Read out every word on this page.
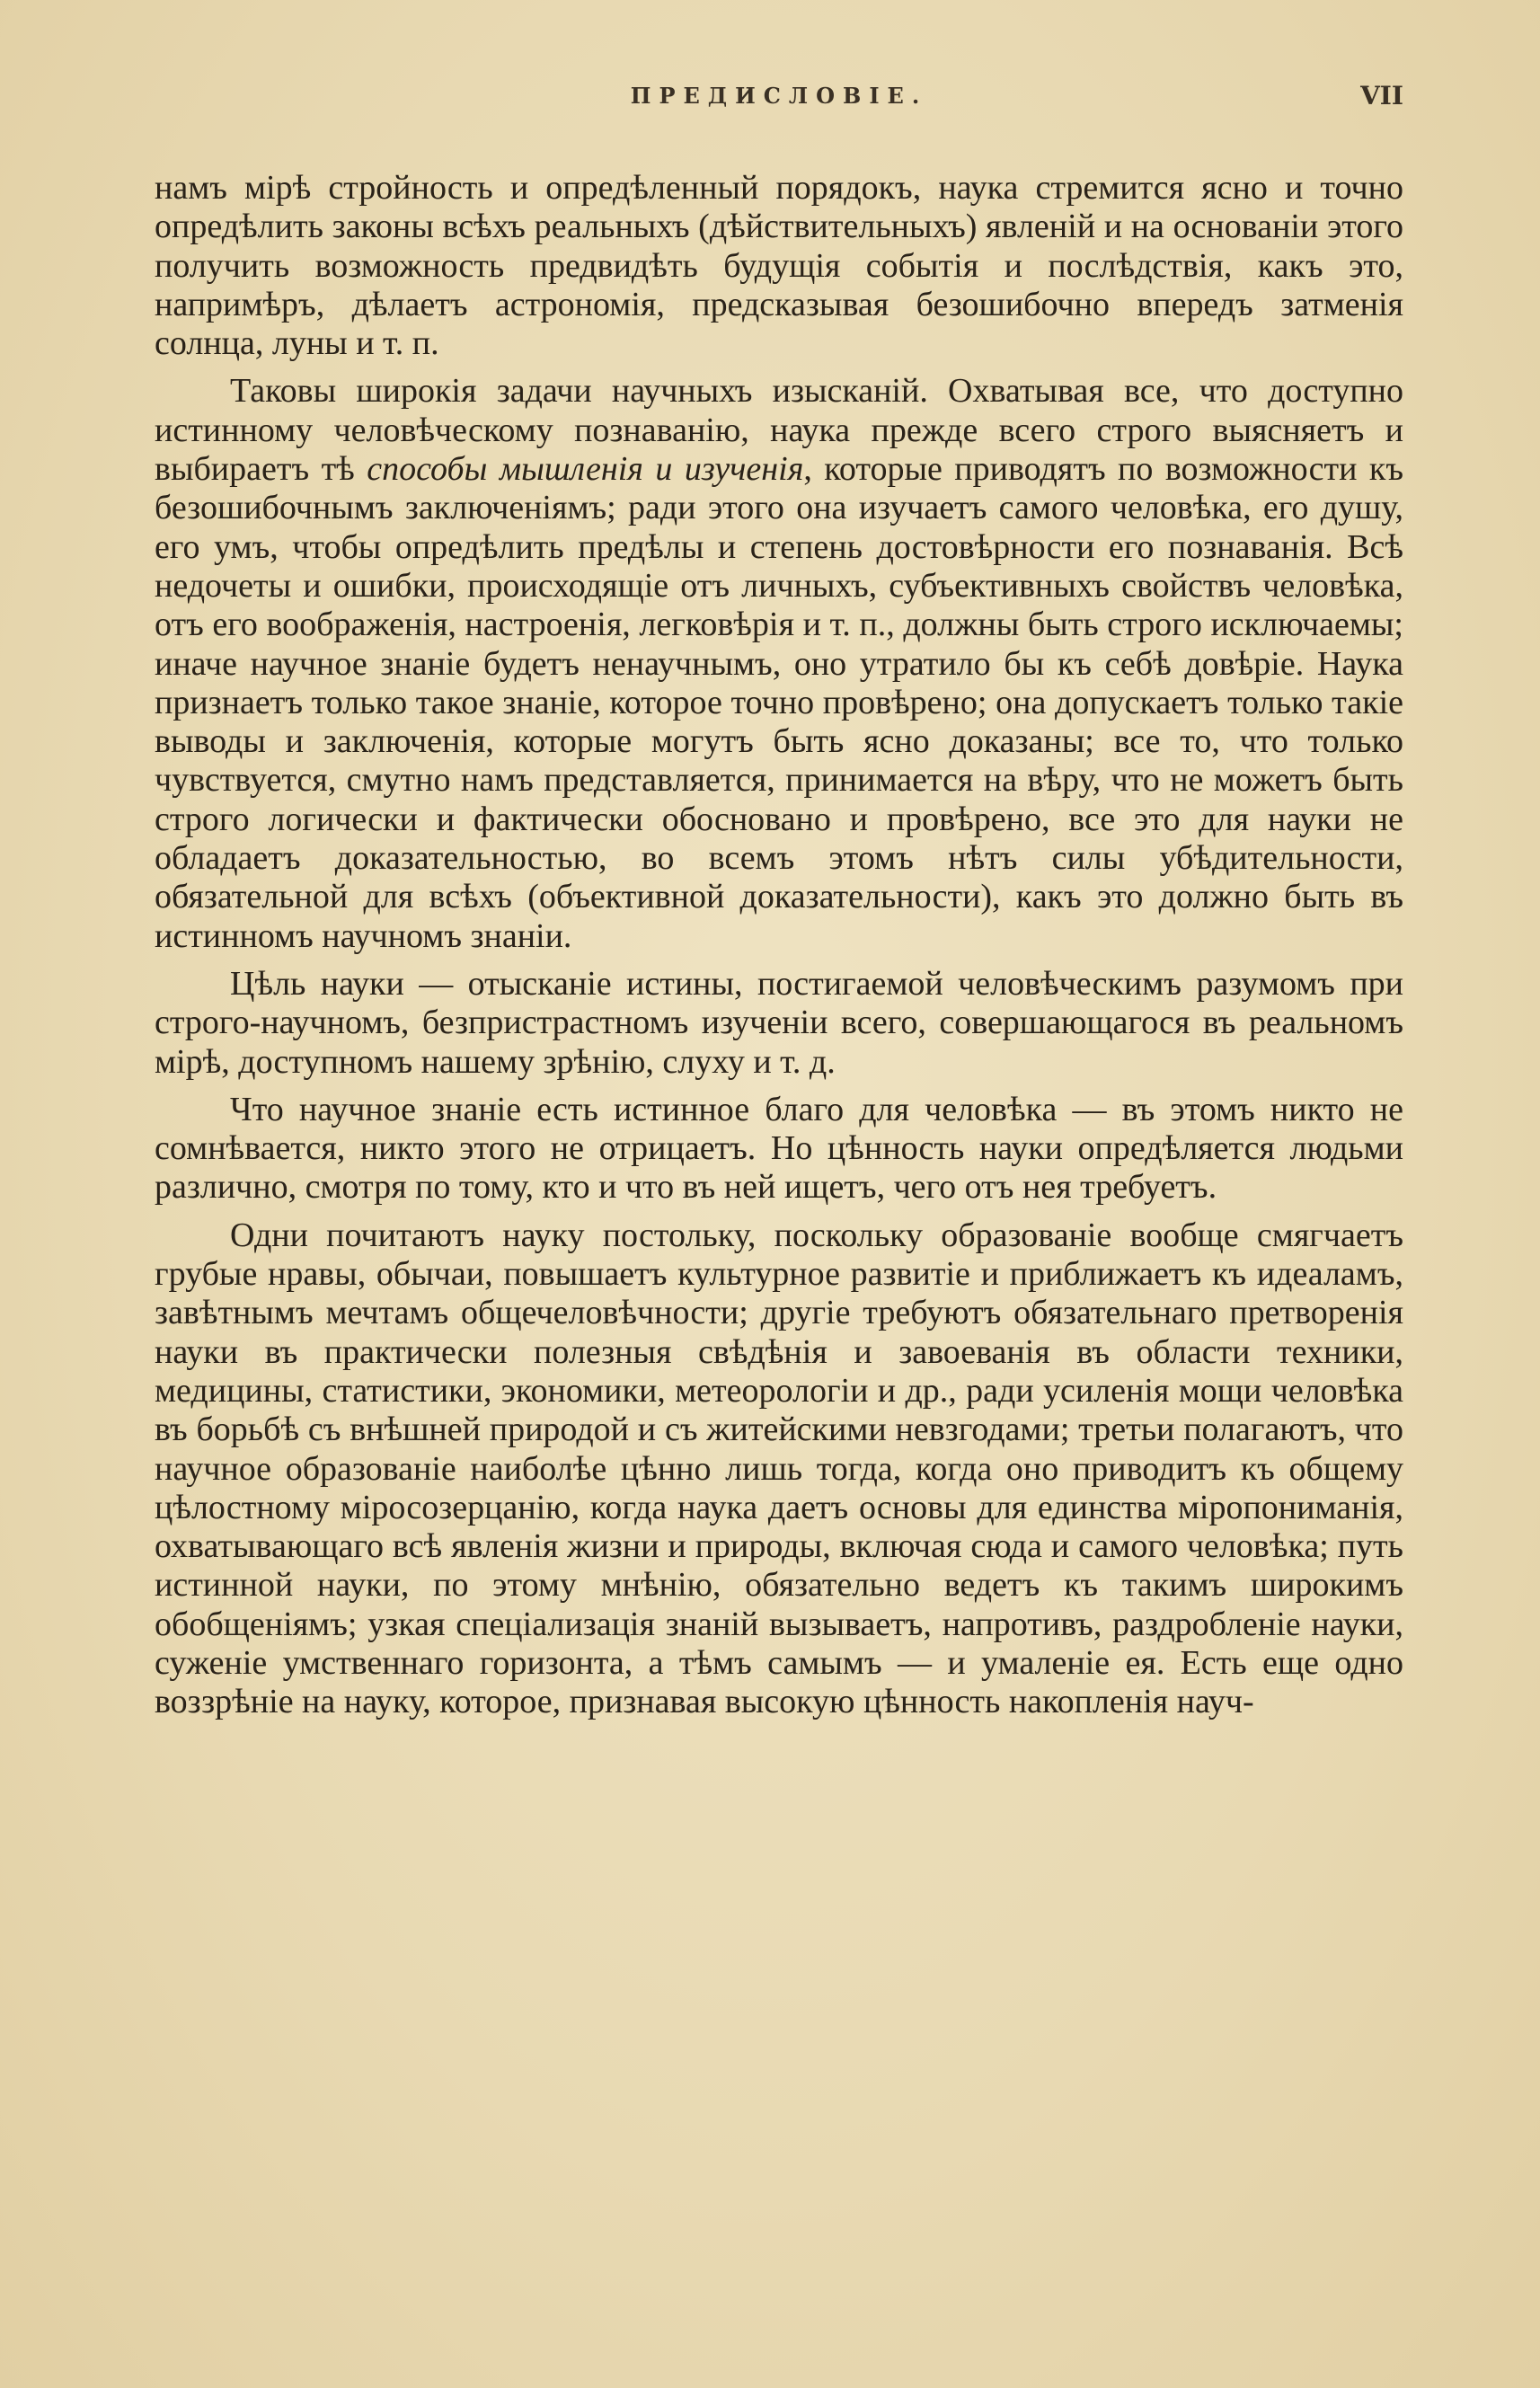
ПРЕДИСЛОВІЕ.	VII

намъ мірѣ стройность и опредѣленный порядокъ, наука стремится ясно и точно опредѣлить законы всѣхъ реальныхъ (дѣйствительныхъ) явленій и на основаніи этого получить возможность предвидѣть будущія событія и послѣдствія, какъ это, напримѣръ, дѣлаетъ астрономія, предсказывая безошибочно впередъ затменія солнца, луны и т. п.

Таковы широкія задачи научныхъ изысканій. Охватывая все, что доступно истинному человѣческому познаванію, наука прежде всего строго выясняетъ и выбираетъ тѣ способы мышленія и изученія, которые приводятъ по возможности къ безошибочнымъ заключеніямъ; ради этого она изучаетъ самого человѣка, его душу, его умъ, чтобы опредѣлить предѣлы и степень достовѣрности его познаванія. Всѣ недочеты и ошибки, происходящіе отъ личныхъ, субъективныхъ свойствъ человѣка, отъ его воображенія, настроенія, легковѣрія и т. п., должны быть строго исключаемы; иначе научное знаніе будетъ ненаучнымъ, оно утратило бы къ себѣ довѣріе. Наука признаетъ только такое знаніе, которое точно провѣрено; она допускаетъ только такіе выводы и заключенія, которые могутъ быть ясно доказаны; все то, что только чувствуется, смутно намъ представляется, принимается на вѣру, что не можетъ быть строго логически и фактически обосновано и провѣрено, все это для науки не обладаетъ доказательностью, во всемъ этомъ нѣтъ силы убѣдительности, обязательной для всѣхъ (объективной доказательности), какъ это должно быть въ истинномъ научномъ знаніи.

Цѣль науки — отысканіе истины, постигаемой человѣческимъ разумомъ при строго-научномъ, безпристрастномъ изученіи всего, совершающагося въ реальномъ мірѣ, доступномъ нашему зрѣнію, слуху и т. д.

Что научное знаніе есть истинное благо для человѣка — въ этомъ никто не сомнѣвается, никто этого не отрицаетъ. Но цѣнность науки опредѣляется людьми различно, смотря по тому, кто и что въ ней ищетъ, чего отъ нея требуетъ.

Одни почитаютъ науку постольку, поскольку образованіе вообще смягчаетъ грубые нравы, обычаи, повышаетъ культурное развитіе и приближаетъ къ идеаламъ, завѣтнымъ мечтамъ общечеловѣчности; другіе требуютъ обязательнаго претворенія науки въ практически полезныя свѣдѣнія и завоеванія въ области техники, медицины, статистики, экономики, метеорологіи и др., ради усиленія мощи человѣка въ борьбѣ съ внѣшней природой и съ житейскими невзгодами; третьи полагаютъ, что научное образованіе наиболѣе цѣнно лишь тогда, когда оно приводитъ къ общему цѣлостному міросозерцанію, когда наука даетъ основы для единства міропониманія, охватывающаго всѣ явленія жизни и природы, включая сюда и самого человѣка; путь истинной науки, по этому мнѣнію, обязательно ведетъ къ такимъ широкимъ обобщеніямъ; узкая спеціализація знаній вызываетъ, напротивъ, раздробленіе науки, суженіе умственнаго горизонта, а тѣмъ самымъ — и умаленіе ея. Есть еще одно воззрѣніе на науку, которое, признавая высокую цѣнность накопленія науч-
